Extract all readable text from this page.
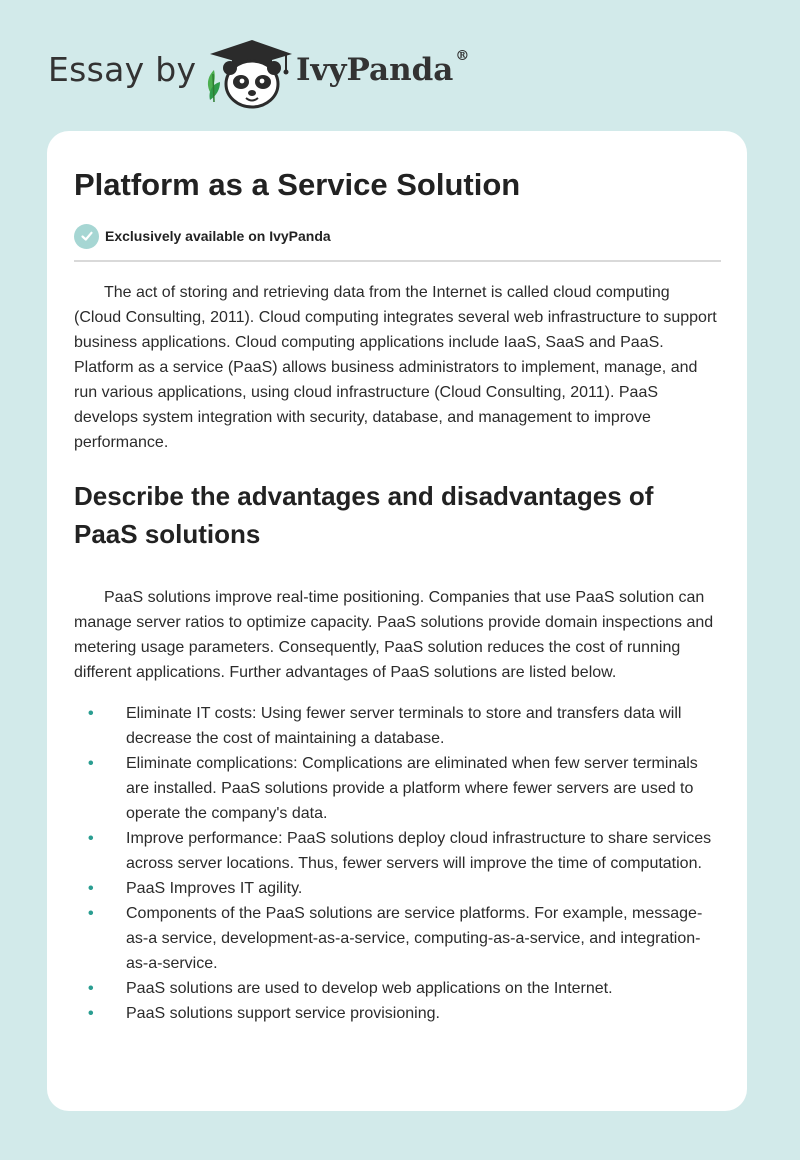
Essay by	IvyPanda ®
Platform as a Service Solution
Exclusively available on IvyPanda

The act of storing and retrieving data from the Internet is called cloud computing (Cloud Consulting, 2011). Cloud computing integrates several web infrastructure to support business applications. Cloud computing applications include IaaS, SaaS and PaaS. Platform as a service (PaaS) allows business administrators to implement, manage, and run various applications, using cloud infrastructure (Cloud Consulting, 2011). PaaS develops system integration with security, database, and management to improve performance.

Describe the advantages and disadvantages of PaaS solutions

PaaS solutions improve real-time positioning. Companies that use PaaS solution can manage server ratios to optimize capacity. PaaS solutions provide domain inspections and metering usage parameters. Consequently, PaaS solution reduces the cost of running different applications. Further advantages of PaaS solutions are listed below.

• Eliminate IT costs: Using fewer server terminals to store and transfers data will decrease the cost of maintaining a database.
• Eliminate complications: Complications are eliminated when few server terminals are installed. PaaS solutions provide a platform where fewer servers are used to operate the company's data.
• Improve performance: PaaS solutions deploy cloud infrastructure to share services across server locations. Thus, fewer servers will improve the time of computation.
• PaaS Improves IT agility.
• Components of the PaaS solutions are service platforms. For example, message-as-a service, development-as-a-service, computing-as-a-service, and integration-as-a-service.
• PaaS solutions are used to develop web applications on the Internet.
• PaaS solutions support service provisioning.
